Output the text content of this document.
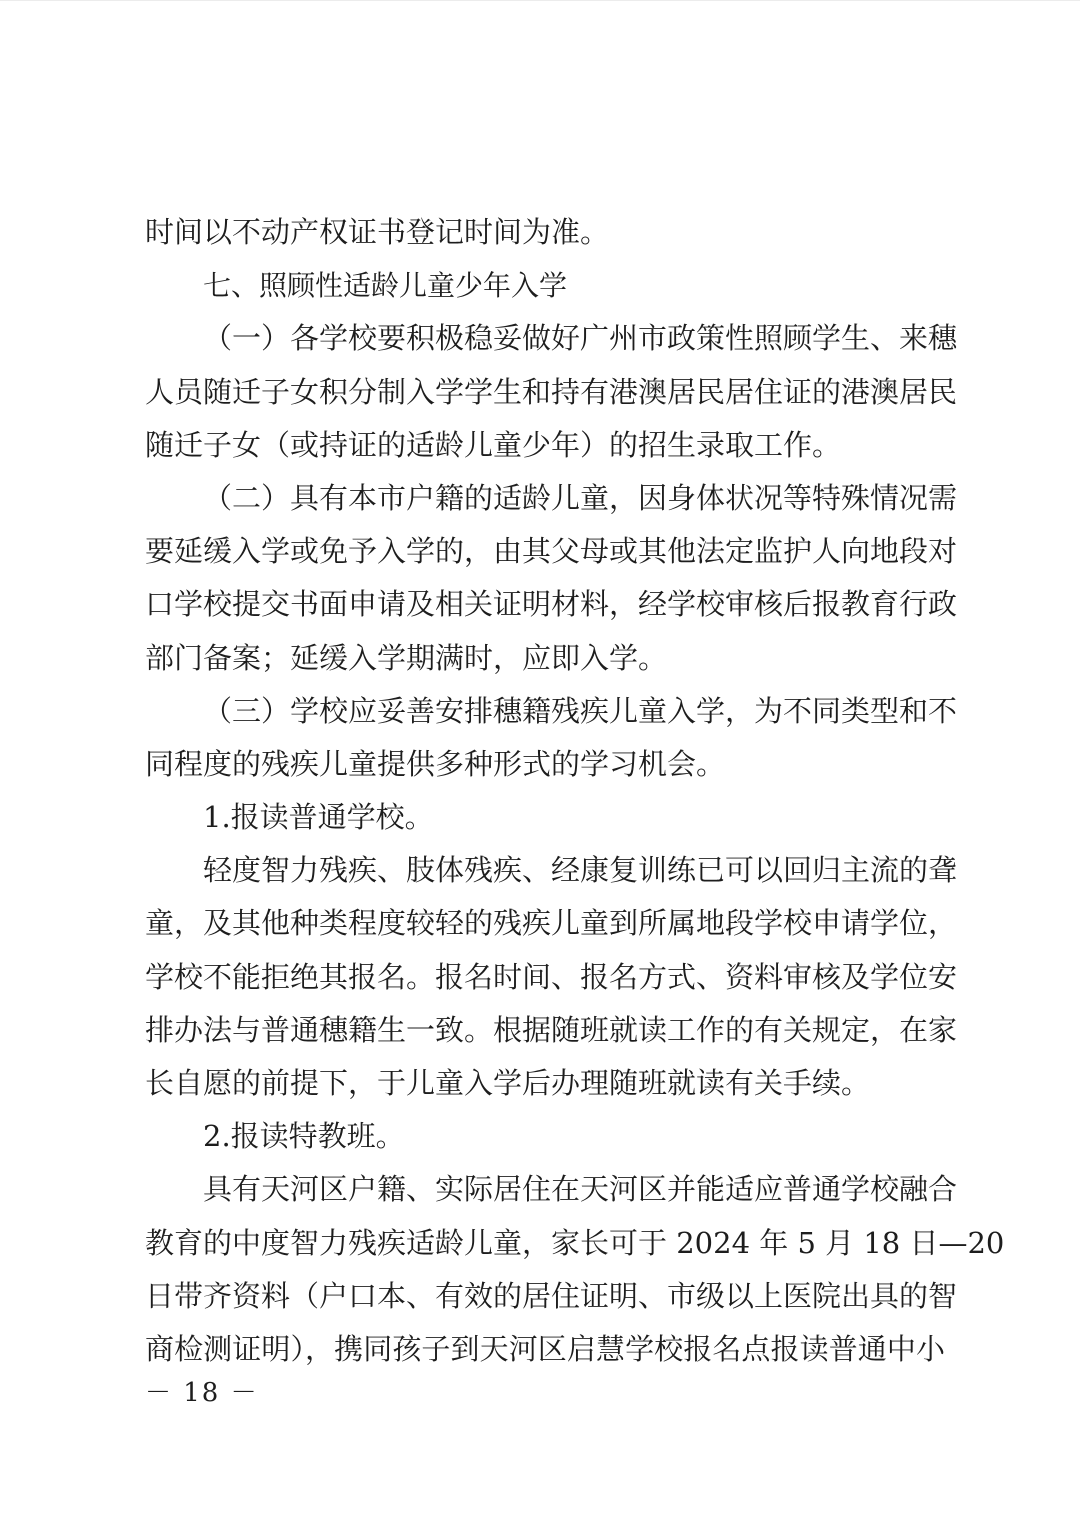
时间以不动产权证书登记时间为准。
七、照顾性适龄儿童少年入学
（一）各学校要积极稳妥做好广州市政策性照顾学生、来穗
人员随迁子女积分制入学学生和持有港澳居民居住证的港澳居民
随迁子女（或持证的适龄儿童少年）的招生录取工作。
（二）具有本市户籍的适龄儿童，因身体状况等特殊情况需
要延缓入学或免予入学的，由其父母或其他法定监护人向地段对
口学校提交书面申请及相关证明材料，经学校审核后报教育行政
部门备案；延缓入学期满时，应即入学。
（三）学校应妥善安排穗籍残疾儿童入学，为不同类型和不
同程度的残疾儿童提供多种形式的学习机会。
1.报读普通学校。
轻度智力残疾、肢体残疾、经康复训练已可以回归主流的聋
童，及其他种类程度较轻的残疾儿童到所属地段学校申请学位，
学校不能拒绝其报名。报名时间、报名方式、资料审核及学位安
排办法与普通穗籍生一致。根据随班就读工作的有关规定，在家
长自愿的前提下，于儿童入学后办理随班就读有关手续。
2.报读特教班。
具有天河区户籍、实际居住在天河区并能适应普通学校融合
教育的中度智力残疾适龄儿童，家长可于 2024 年 5 月 18 日—20
日带齐资料（户口本、有效的居住证明、市级以上医院出具的智
商检测证明），携同孩子到天河区启慧学校报名点报读普通中小
－ 18 －
